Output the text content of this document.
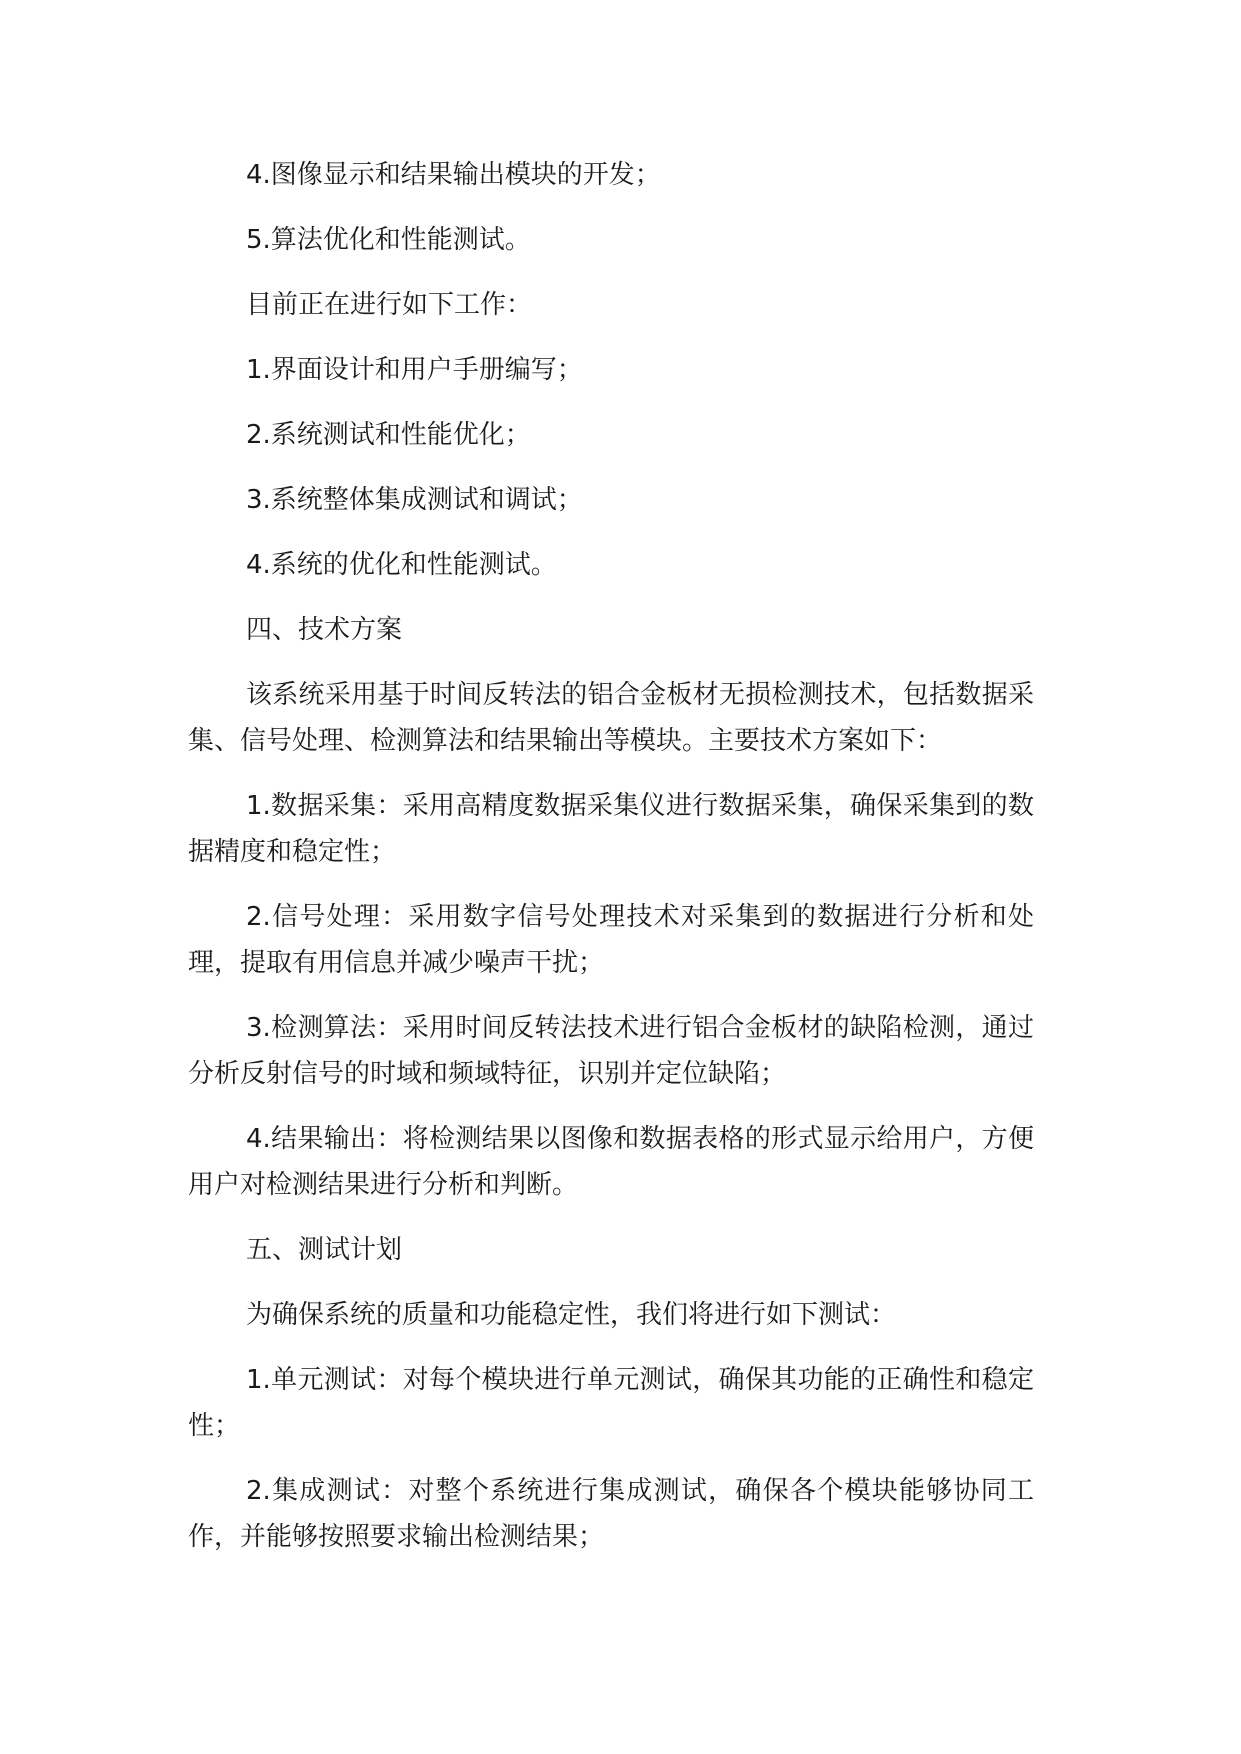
4.图像显示和结果输出模块的开发；

5.算法优化和性能测试。

目前正在进行如下工作：

1.界面设计和用户手册编写；

2.系统测试和性能优化；

3.系统整体集成测试和调试；

4.系统的优化和性能测试。

四、技术方案

该系统采用基于时间反转法的铝合金板材无损检测技术，包括数据采集、信号处理、检测算法和结果输出等模块。主要技术方案如下：

1.数据采集：采用高精度数据采集仪进行数据采集，确保采集到的数据精度和稳定性；

2.信号处理：采用数字信号处理技术对采集到的数据进行分析和处理，提取有用信息并减少噪声干扰；

3.检测算法：采用时间反转法技术进行铝合金板材的缺陷检测，通过分析反射信号的时域和频域特征，识别并定位缺陷；

4.结果输出：将检测结果以图像和数据表格的形式显示给用户，方便用户对检测结果进行分析和判断。

五、测试计划

为确保系统的质量和功能稳定性，我们将进行如下测试：

1.单元测试：对每个模块进行单元测试，确保其功能的正确性和稳定性；

2.集成测试：对整个系统进行集成测试，确保各个模块能够协同工作，并能够按照要求输出检测结果；
